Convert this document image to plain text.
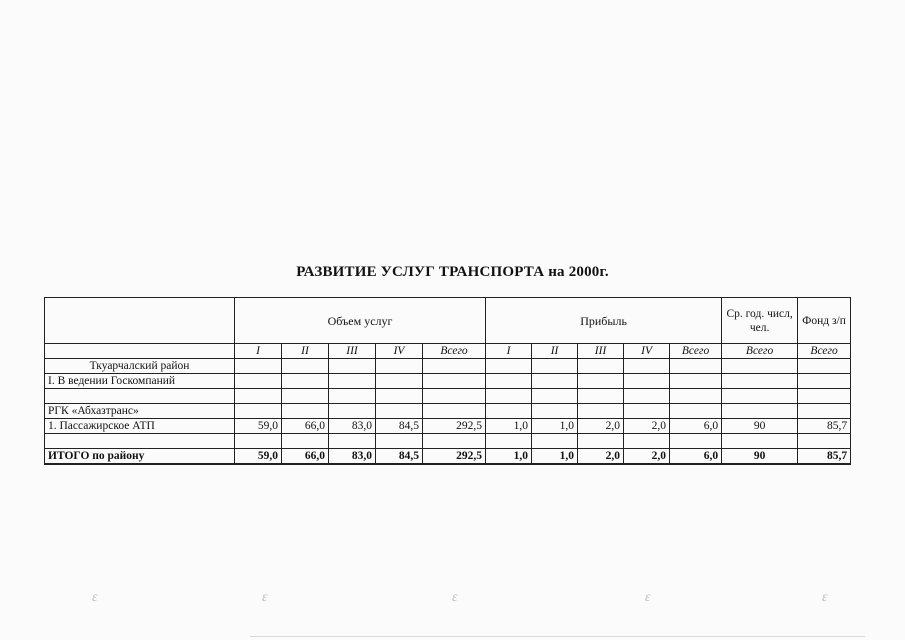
РАЗВИТИЕ УСЛУГ ТРАНСПОРТА на 2000г.
	Объем услуг					Прибыль					Ср. год. числ, чел.	Фонд з/п
	I	II	III	IV	Всего	I	II	III	IV	Всего	Всего	Всего
Ткуарчалский район												
I. В ведении Госкомпаний												

РГК «Абхазтранс»												
1. Пассажирское АТП	59,0	66,0	83,0	84,5	292,5	1,0	1,0	2,0	2,0	6,0	90	85,7

ИТОГО по району	59,0	66,0	83,0	84,5	292,5	1,0	1,0	2,0	2,0	6,0	90	85,7
ɛ	ɛ	ɛ	ɛ	ɛ
